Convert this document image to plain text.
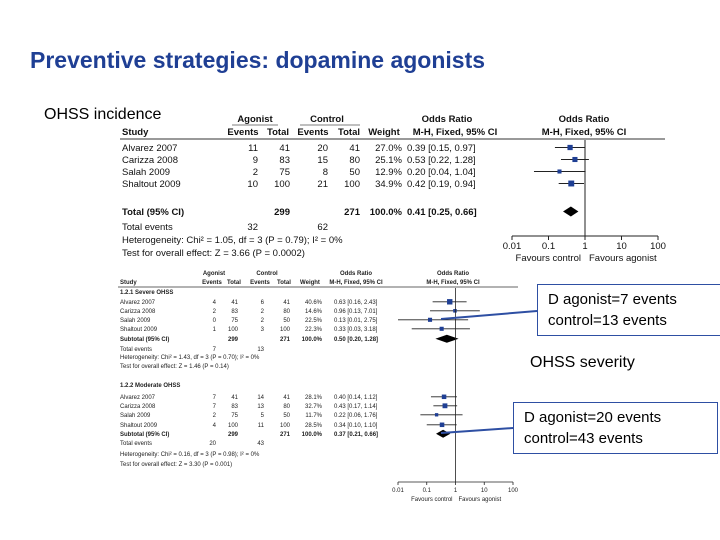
Preventive strategies: dopamine agonists
Agonist	Control	Odds Ratio	Odds Ratio
Study	Events Total Events Total Weight M-H, Fixed, 95% CI	M-H, Fixed, 95% CI
Alvarez 2007	11 41	20 41 27.0% 0.39 [0.15, 0.97]
Carizza 2008	9 83	15 80 25.1% 0.53 [0.22, 1.28]
Salah 2009	2 75	8 50 12.9% 0.20 [0.04, 1.04]
Shaltout 2009	10 100	21 100 34.9% 0.42 [0.19, 0.94]
Total (95% CI)	299	271 100.0% 0.41 [0.25, 0.66]
Total events	32	62
Heterogeneity: Chi² = 1.05, df = 3 (P = 0.79); I² = 0%
Test for overall effect: Z = 3.66 (P = 0.0002)
0.01 0.1	1	10 100
Favours control Favours agonist
Agonist	Control	Odds Ratio	Odds Ratio
Study	Events Total Events Total Weight M-H, Fixed, 95% CI	M-H, Fixed, 95% CI
1.2.1 Severe OHSS
Alvarez 2007	4	41	6	41 40.6% 0.63 [0.16, 2.43]
Carizza 2008	2	83	2	80 14.6% 0.96 [0.13, 7.01]
Salah 2009	0	75	2	50 22.5% 0.13 [0.01, 2.75]
Shaltout 2009	1 100	3	100 22.3% 0.33 [0.03, 3.18]
Subtotal (95% CI)	299	271 100.0% 0.50 [0.20, 1.28]
Total events	7	13
Heterogeneity: Chi² = 1.43, df = 3 (P = 0.70); I² = 0%
Test for overall effect: Z = 1.46 (P = 0.14)
1.2.2 Moderate OHSS
Alvarez 2007	7	41	14	41 28.1% 0.40 [0.14, 1.12]
Carizza 2008	7	83	13	80 32.7% 0.43 [0.17, 1.14]
Salah 2009	2	75	5	50	11.7% 0.22 [0.06, 1.76]
Shaltout 2009	4 100	11	100 28.5% 0.34 [0.10, 1.10]
Subtotal (95% CI)	299	271 100.0% 0.37 [0.21, 0.66]
Total events	20	43
Heterogeneity: Chi² = 0.16, df = 3 (P = 0.98); I² = 0%
Test for overall effect: Z = 3.30 (P = 0.001)
0.01	0.1	1	10	100
Favours control Favours agonist
OHSS incidence
OHSS severity
D agonist=7 events
control=13 events
D agonist=20 events
control=43 events
